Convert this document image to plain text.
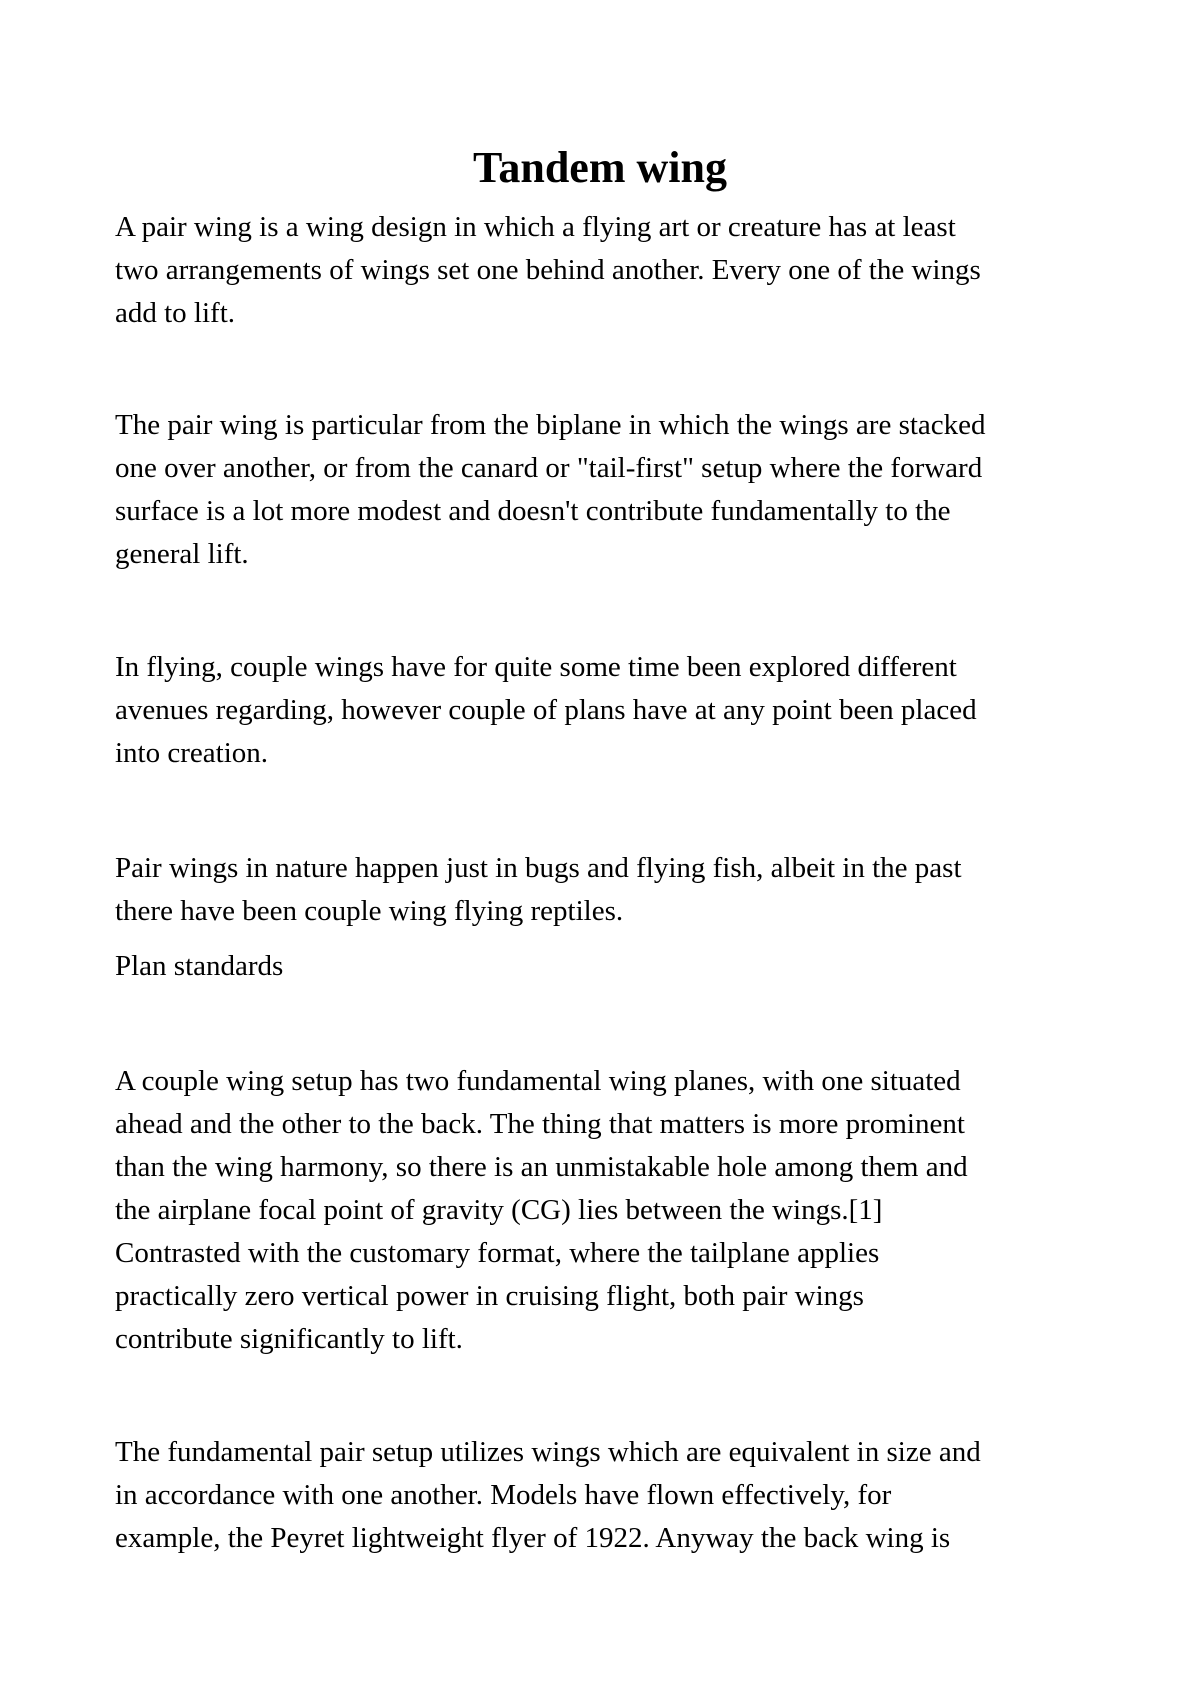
Tandem wing

A pair wing is a wing design in which a flying art or creature has at least
two arrangements of wings set one behind another. Every one of the wings
add to lift.

The pair wing is particular from the biplane in which the wings are stacked
one over another, or from the canard or "tail-first" setup where the forward
surface is a lot more modest and doesn't contribute fundamentally to the
general lift.

In flying, couple wings have for quite some time been explored different
avenues regarding, however couple of plans have at any point been placed
into creation.

Pair wings in nature happen just in bugs and flying fish, albeit in the past
there have been couple wing flying reptiles.

Plan standards

A couple wing setup has two fundamental wing planes, with one situated
ahead and the other to the back. The thing that matters is more prominent
than the wing harmony, so there is an unmistakable hole among them and
the airplane focal point of gravity (CG) lies between the wings.[1]
Contrasted with the customary format, where the tailplane applies
practically zero vertical power in cruising flight, both pair wings
contribute significantly to lift.

The fundamental pair setup utilizes wings which are equivalent in size and
in accordance with one another. Models have flown effectively, for
example, the Peyret lightweight flyer of 1922. Anyway the back wing is
